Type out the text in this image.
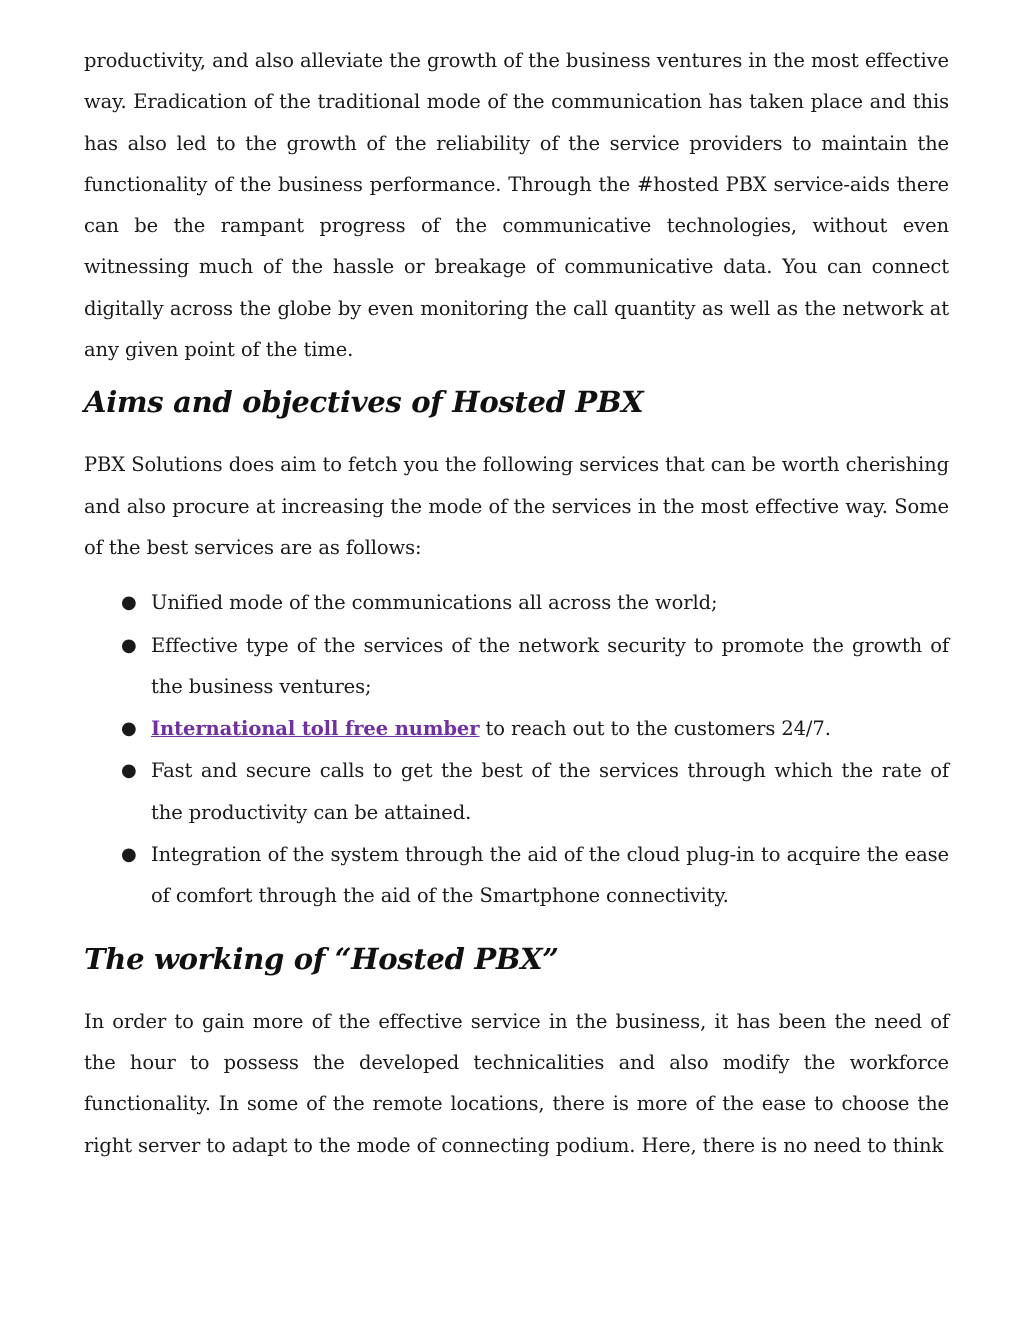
productivity, and also alleviate the growth of the business ventures in the most effective way. Eradication of the traditional mode of the communication has taken place and this has also led to the growth of the reliability of the service providers to maintain the functionality of the business performance. Through the #hosted PBX service-aids there can be the rampant progress of the communicative technologies, without even witnessing much of the hassle or breakage of communicative data. You can connect digitally across the globe by even monitoring the call quantity as well as the network at any given point of the time.

Aims and objectives of Hosted PBX

PBX Solutions does aim to fetch you the following services that can be worth cherishing and also procure at increasing the mode of the services in the most effective way. Some of the best services are as follows:

● Unified mode of the communications all across the world;
● Effective type of the services of the network security to promote the growth of the business ventures;
● International toll free number to reach out to the customers 24/7.
● Fast and secure calls to get the best of the services through which the rate of the productivity can be attained.
● Integration of the system through the aid of the cloud plug-in to acquire the ease of comfort through the aid of the Smartphone connectivity.
The working of “Hosted PBX”

In order to gain more of the effective service in the business, it has been the need of the hour to possess the developed technicalities and also modify the workforce functionality. In some of the remote locations, there is more of the ease to choose the right server to adapt to the mode of connecting podium. Here, there is no need to think
